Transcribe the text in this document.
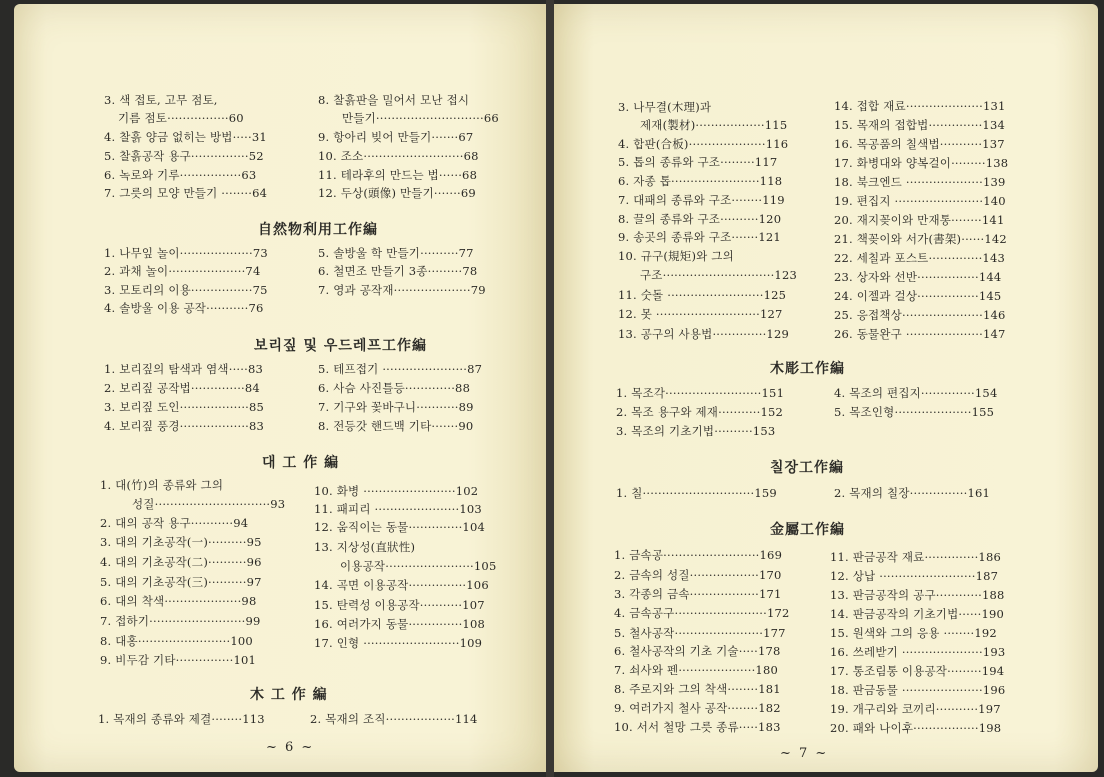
3. 색 접토, 고무 점토,
기름 점토················60
4. 찰흙 양금 없히는 방법·····31
5. 찰흙공작 용구···············52
6. 녹로와 기루················63
7. 그릇의 모양 만들기 ········64
8. 찰흙판을 밀어서 모난 접시
만들기····························66
9. 항아리 빚어 만들기·······67
10. 조소··························68
11. 테라후의 만드는 법······68
12. 두상(頭像) 만들기·······69
自然物利用工作編
1. 나무잎 놀이···················73
2. 과채 놀이····················74
3. 모토리의 이용················75
4. 솔방울 이용 공작···········76
5. 솔방울 학 만들기··········77
6. 철면조 만들기 3종·········78
7. 영과 공작재····················79
보리짚 및 우드레프工作編
1. 보리짚의 탐색과 염색·····83
2. 보리짚 공작법··············84
3. 보리짚 도인··················85
4. 보리짚 풍경··················83
5. 테프접기 ······················87
6. 사슴 사진틀등·············88
7. 기구와 꽃바구니···········89
8. 전등갓 핸드백 기타·······90
대 工 作 編
1. 대(竹)의 종류와 그의
성질······························93
2. 대의 공작 용구···········94
3. 대의 기초공작(一)··········95
4. 대의 기초공작(二)··········96
5. 대의 기초공작(三)··········97
6. 대의 착색····················98
7. 접하기·························99
8. 대홍························100
9. 비두감 기타···············101
10. 화병 ························102
11. 패피리 ······················103
12. 움직이는 동물··············104
13. 지상성(直狀性)
이용공작·······················105
14. 곡면 이용공작···············106
15. 탄력성 이용공작···········107
16. 여러가지 동물··············108
17. 인형 ·························109
木 工 作 編
1. 목재의 종류와 제결········113	2. 목재의 조직··················114
~ 6 ~
3. 나무결(木理)과
제재(製材)··················115
4. 합판(合板)····················116
5. 톱의 종류와 구조·········117
6. 자종 톱·······················118
7. 대패의 종류와 구조········119
8. 끌의 종류와 구조··········120
9. 송곳의 종류와 구조·······121
10. 규구(規矩)와 그의
구조·····························123
11. 숫돌 ·························125
12. 못 ···························127
13. 공구의 사용법··············129
14. 접합 재료····················131
15. 목재의 접합법··············134
16. 목공품의 칠색법···········137
17. 화병대와 양복걸이·········138
18. 북크엔드 ····················139
19. 편집지 ·······················140
20. 재지꽂이와 만재통········141
21. 책꽂이와 서가(書架)······142
22. 세칠과 포스트··············143
23. 상자와 선반················144
24. 이젤과 걸상················145
25. 응접책상·····················146
26. 동물완구 ····················147
木彫工作編
1. 목조각·························151
2. 목조 용구와 제재···········152
3. 목조의 기초기법··········153
4. 목조의 편집지··············154
5. 목조인형····················155
칠장工作編
1. 칠·····························159	2. 목재의 칠장···············161
金屬工作編
1. 금속공·························169
2. 금속의 성질··················170
3. 각종의 금속··················171
4. 금속공구························172
5. 철사공작·······················177
6. 철사공작의 기초 기술·····178
7. 쇠사와 펜····················180
8. 주로지와 그의 착색········181
9. 여러가지 철사 공작········182
10. 서서 철망 그릇 종류·····183
11. 판금공작 재료··············186
12. 상납 ·························187
13. 판금공작의 공구············188
14. 판금공작의 기초기법······190
15. 원색와 그의 응용 ········192
16. 쓰레받기 ·····················193
17. 통조림통 이용공작·········194
18. 판금동물 ·····················196
19. 개구리와 코끼리···········197
20. 패와 나이후·················198
~ 7 ~
